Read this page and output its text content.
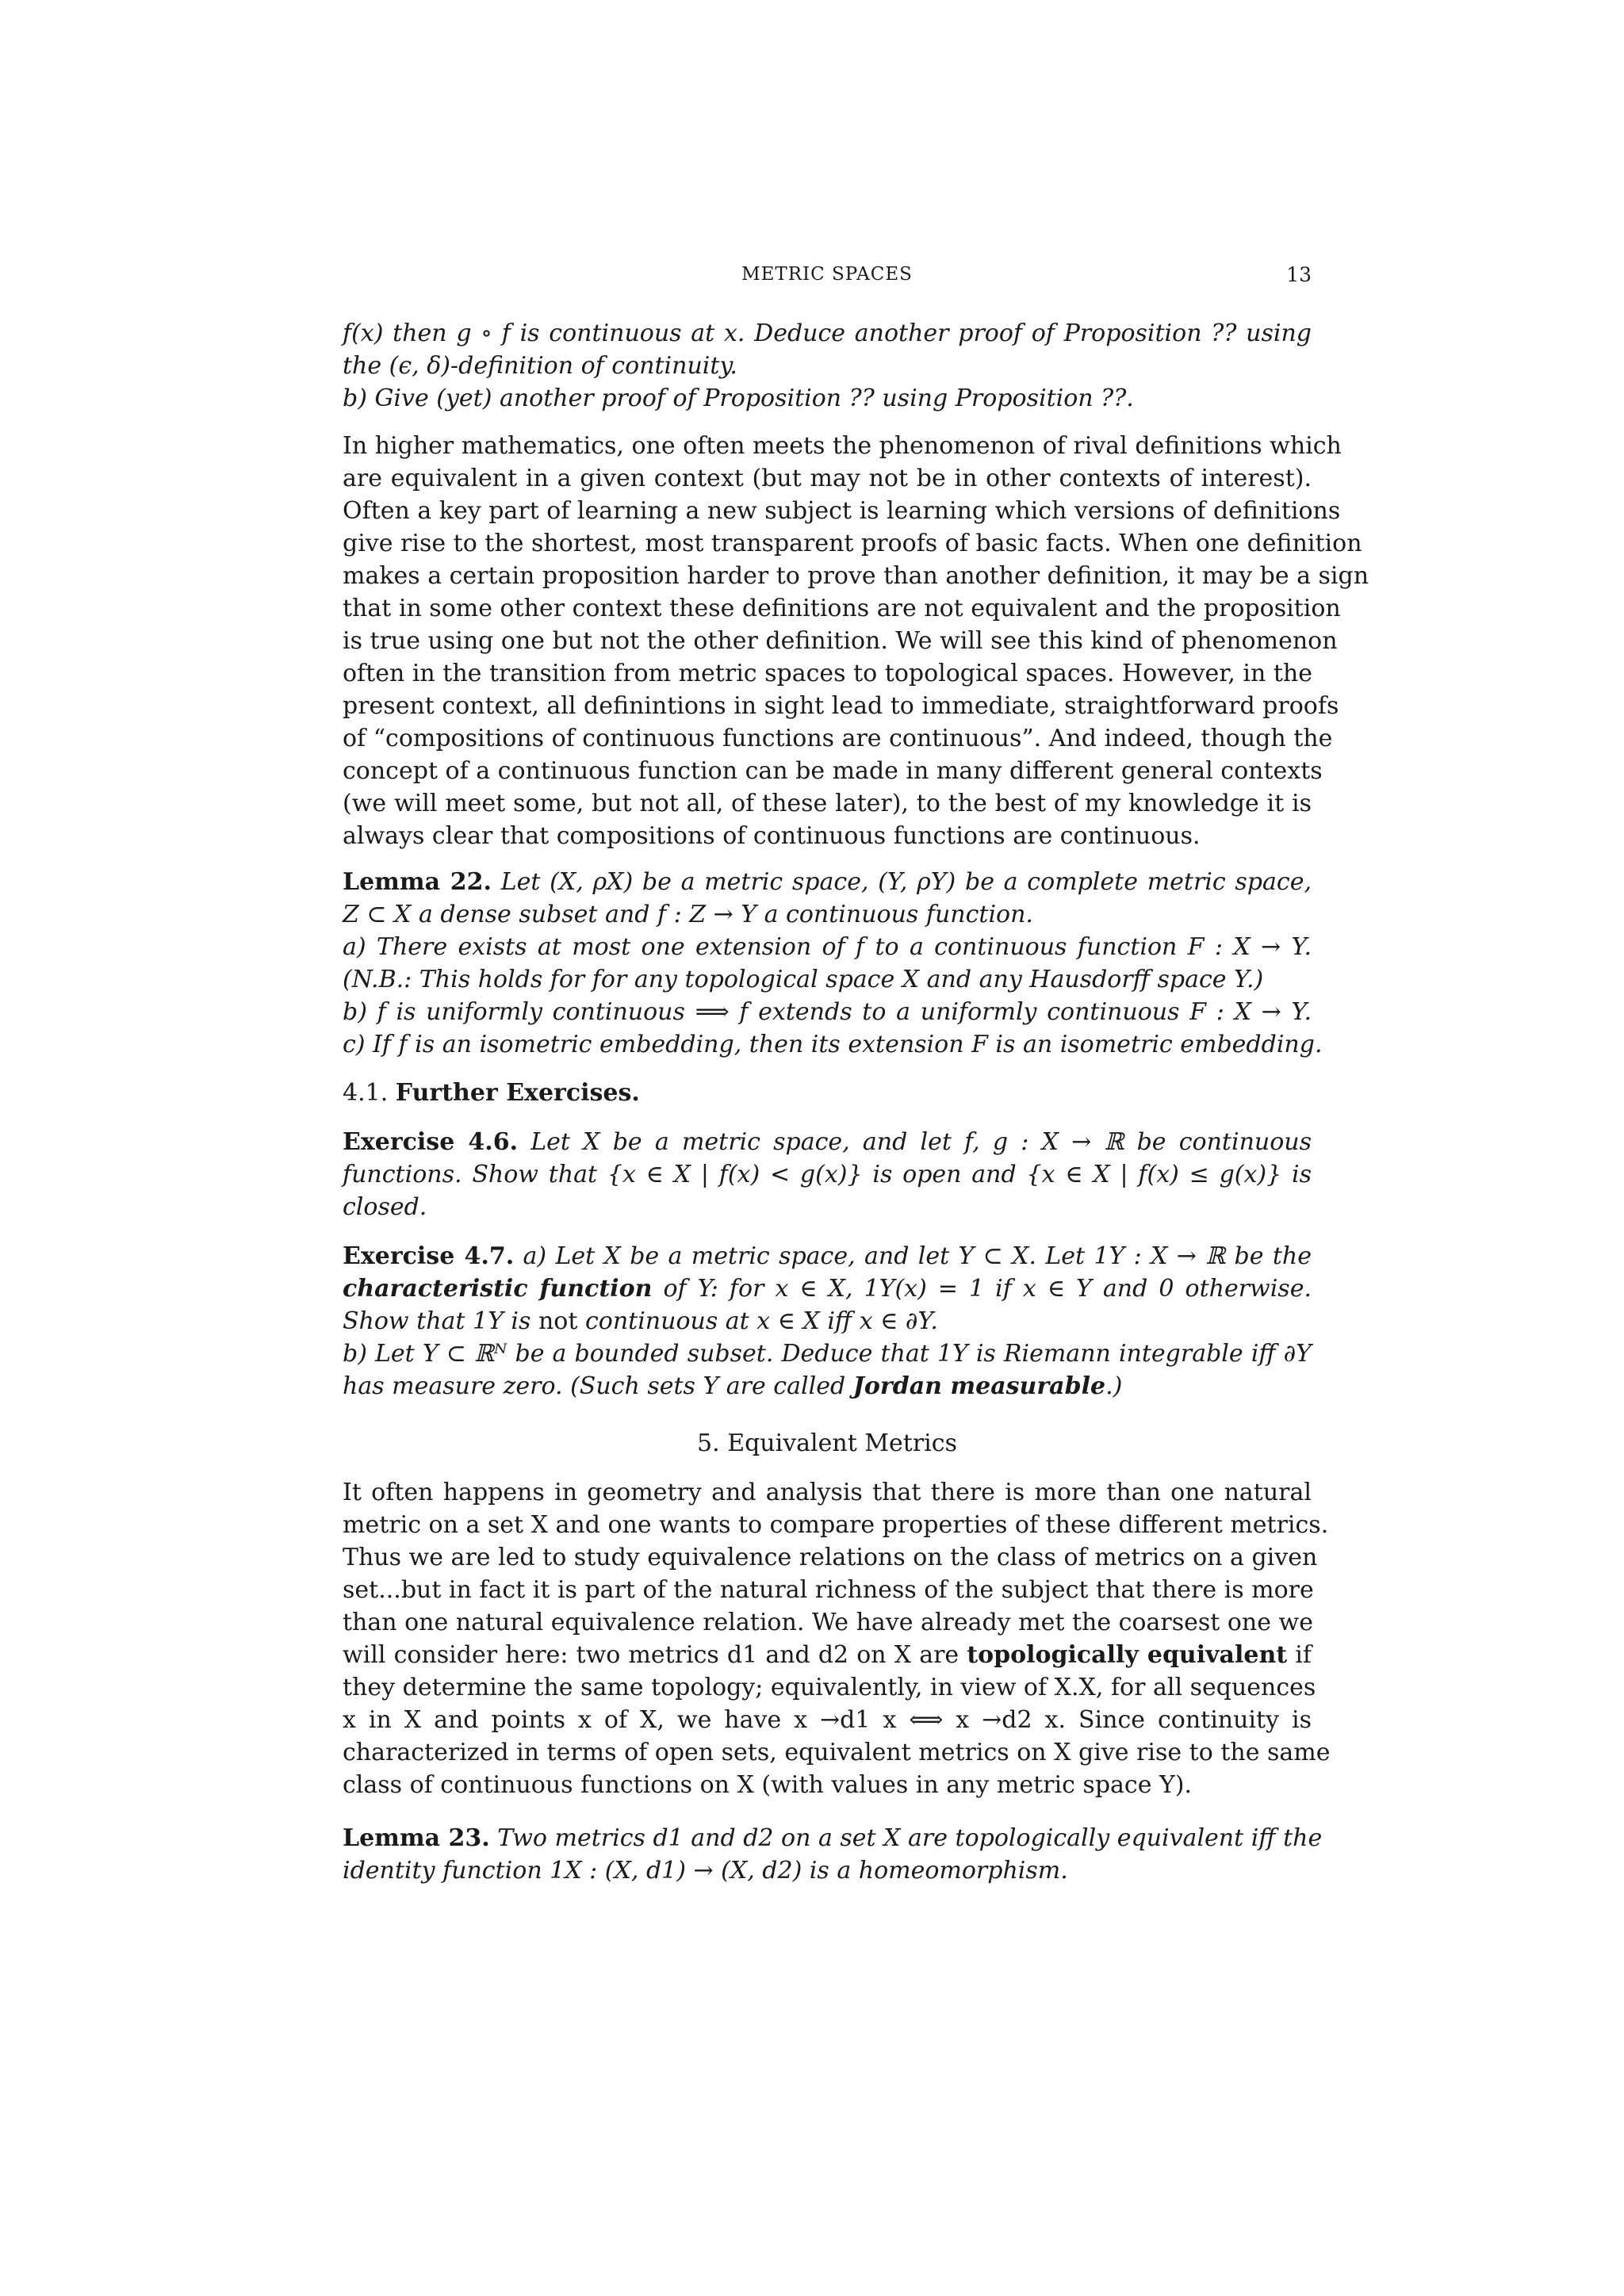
METRIC SPACES	13
f(x) then g ∘ f is continuous at x. Deduce another proof of Proposition ?? using
the (ϵ, δ)-definition of continuity.
b) Give (yet) another proof of Proposition ?? using Proposition ??.
In higher mathematics, one often meets the phenomenon of rival definitions which
are equivalent in a given context (but may not be in other contexts of interest).
Often a key part of learning a new subject is learning which versions of definitions
give rise to the shortest, most transparent proofs of basic facts. When one definition
makes a certain proposition harder to prove than another definition, it may be a sign
that in some other context these definitions are not equivalent and the proposition
is true using one but not the other definition. We will see this kind of phenomenon
often in the transition from metric spaces to topological spaces. However, in the
present context, all definintions in sight lead to immediate, straightforward proofs
of “compositions of continuous functions are continuous”. And indeed, though the
concept of a continuous function can be made in many different general contexts
(we will meet some, but not all, of these later), to the best of my knowledge it is
always clear that compositions of continuous functions are continuous.
Lemma 22. Let (X, ρX) be a metric space, (Y, ρY) be a complete metric space,
Z ⊂ X a dense subset and f : Z → Y a continuous function.
a) There exists at most one extension of f to a continuous function F : X → Y.
(N.B.: This holds for for any topological space X and any Hausdorff space Y.)
b) f is uniformly continuous ⟹ f extends to a uniformly continuous F : X → Y.
c) If f is an isometric embedding, then its extension F is an isometric embedding.
4.1. Further Exercises.
Exercise 4.6. Let X be a metric space, and let f, g : X → ℝ be continuous
functions. Show that {x ∈ X | f(x) < g(x)} is open and {x ∈ X | f(x) ≤ g(x)} is
closed.
Exercise 4.7. a) Let X be a metric space, and let Y ⊂ X. Let 1Y : X → ℝ be the
characteristic function of Y: for x ∈ X, 1Y(x) = 1 if x ∈ Y and 0 otherwise.
Show that 1Y is not continuous at x ∈ X iff x ∈ ∂Y.
b) Let Y ⊂ ℝᴺ be a bounded subset. Deduce that 1Y is Riemann integrable iff ∂Y
has measure zero. (Such sets Y are called Jordan measurable.)
5. Equivalent Metrics
It often happens in geometry and analysis that there is more than one natural
metric on a set X and one wants to compare properties of these different metrics.
Thus we are led to study equivalence relations on the class of metrics on a given
set...but in fact it is part of the natural richness of the subject that there is more
than one natural equivalence relation. We have already met the coarsest one we
will consider here: two metrics d1 and d2 on X are topologically equivalent if
they determine the same topology; equivalently, in view of X.X, for all sequences
x in X and points x of X, we have x →d1 x ⟺ x →d2 x. Since continuity is
characterized in terms of open sets, equivalent metrics on X give rise to the same
class of continuous functions on X (with values in any metric space Y).
Lemma 23. Two metrics d1 and d2 on a set X are topologically equivalent iff the
identity function 1X : (X, d1) → (X, d2) is a homeomorphism.
